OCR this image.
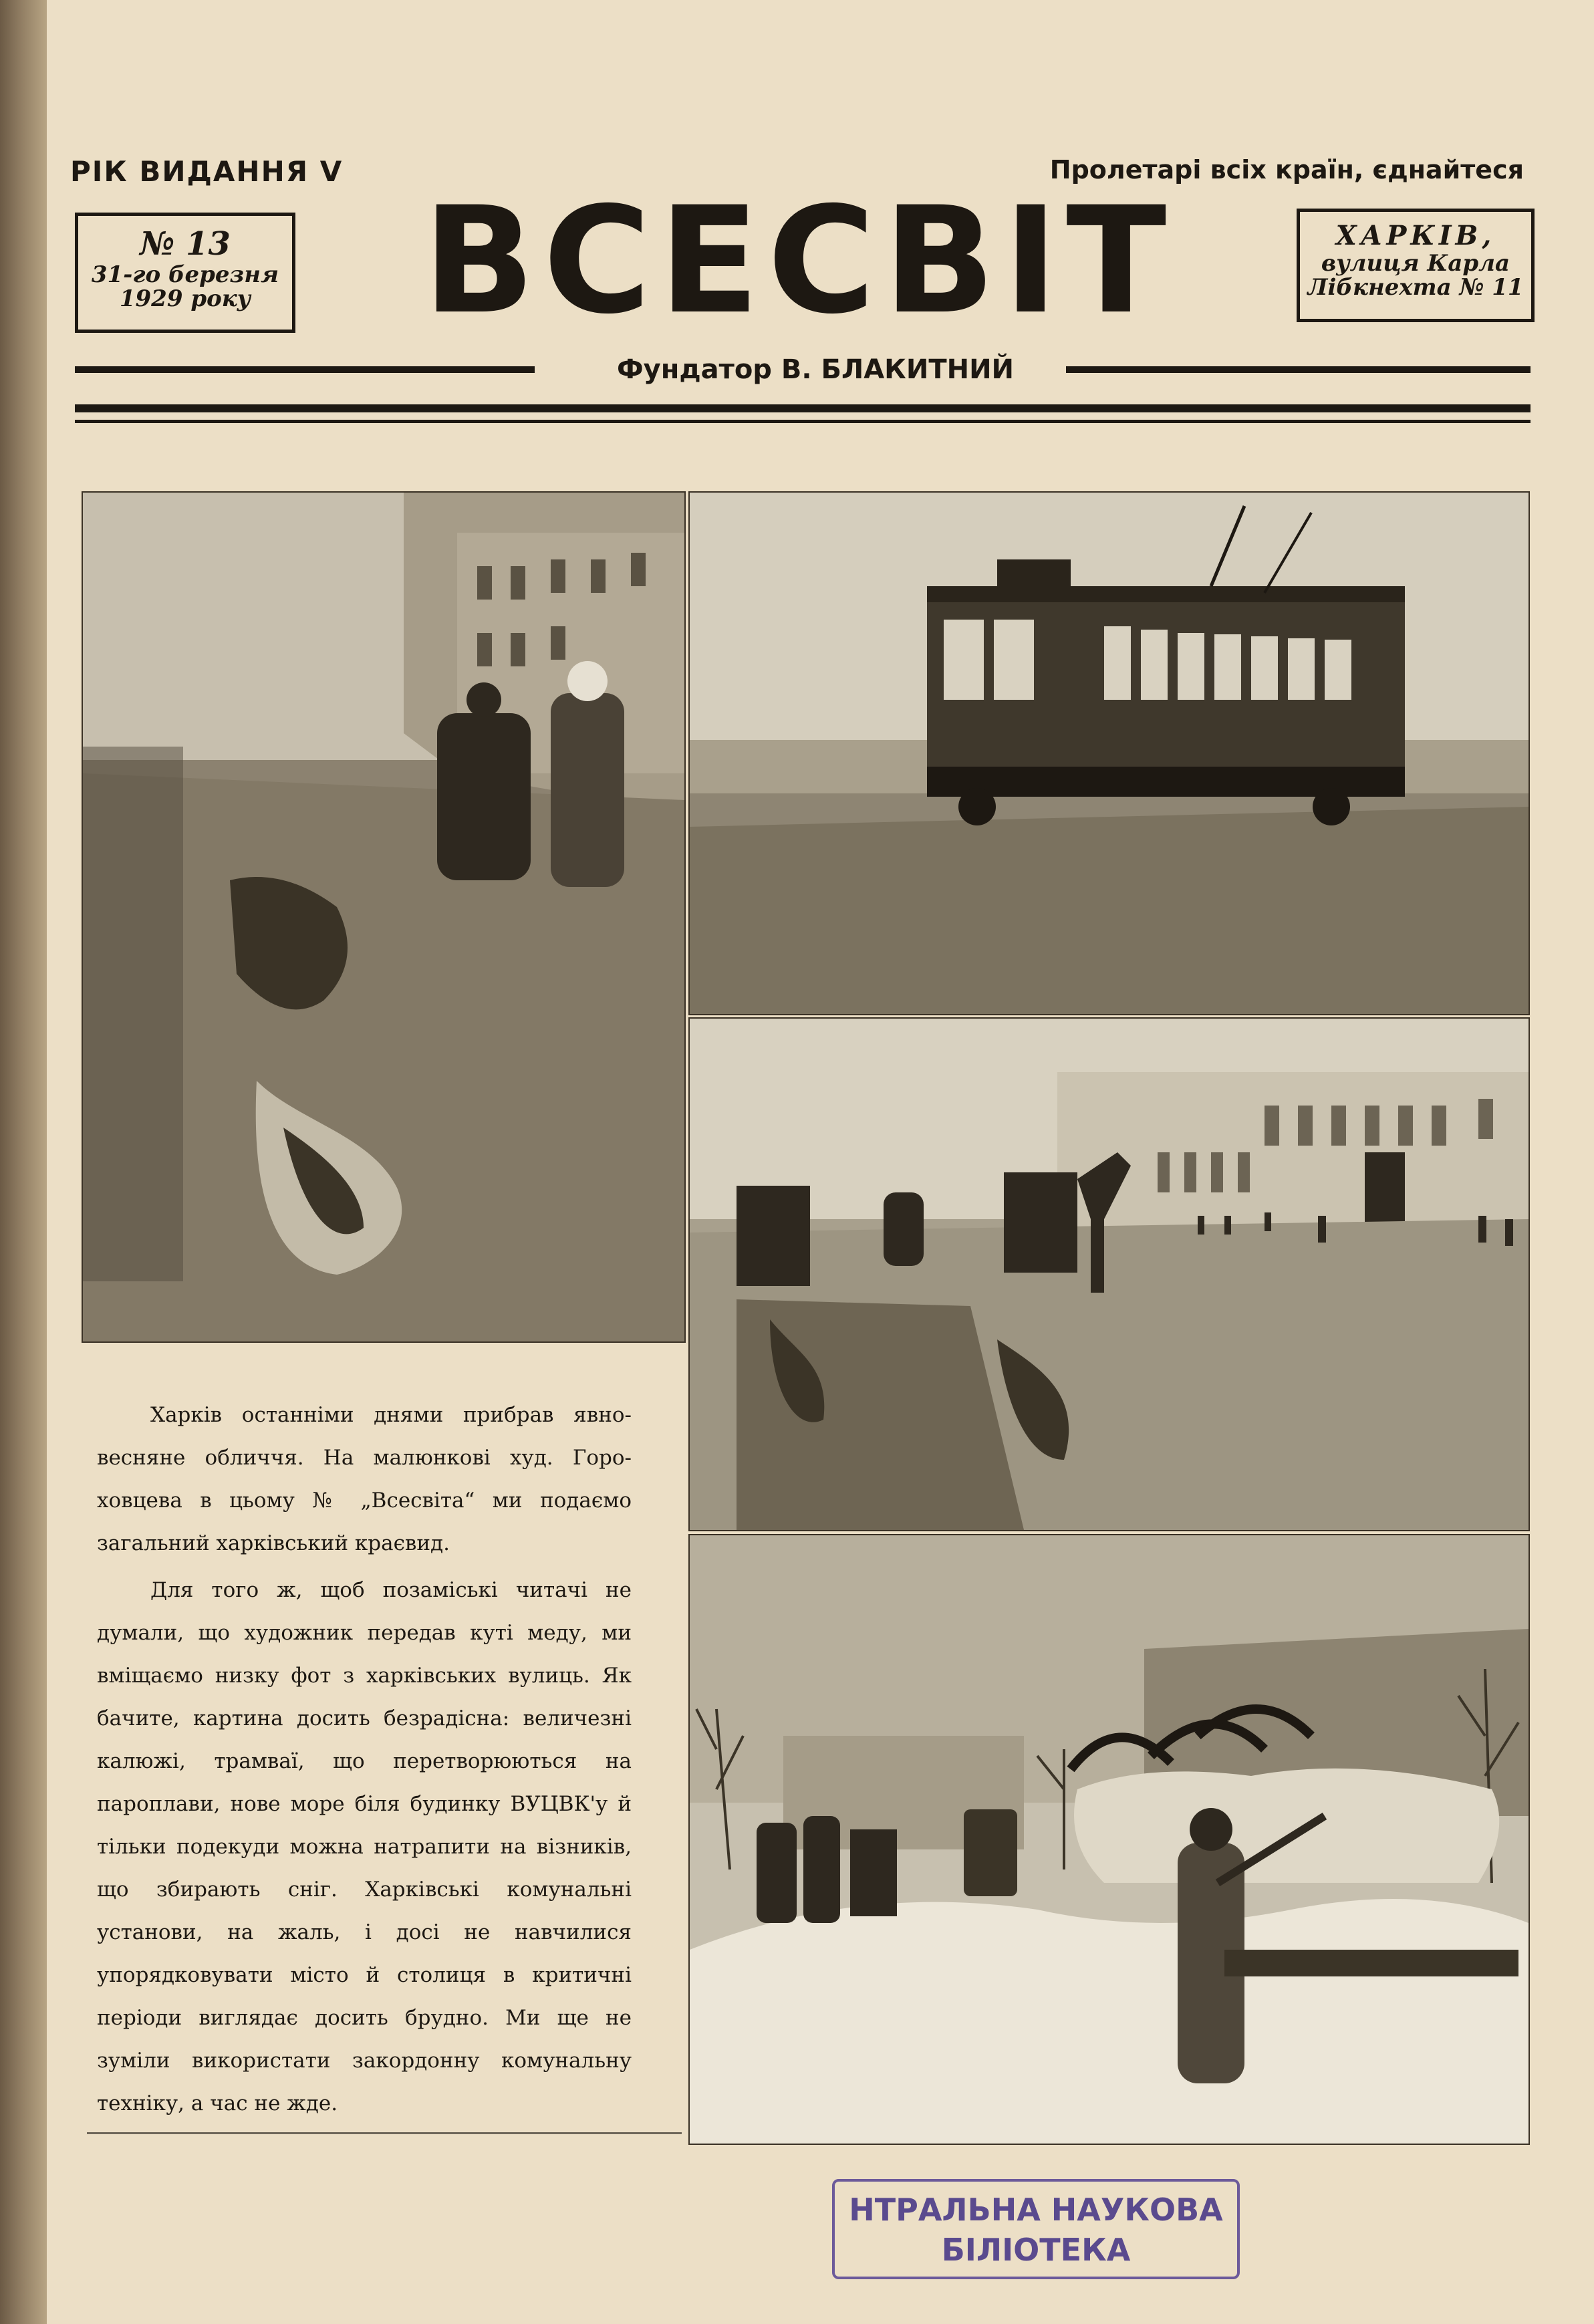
РІК ВИДАННЯ V	Пролетарі всіх країн, єднайтеся
№ 13
31-го березня
1929 року ВСЕСВІТ	ХАРКІВ,
вулиця Карла
Лібкнехта № 11
Фундатор В. БЛАКИТНИЙ

Харків останніми днями прибрав явно-весняне обличчя. На малюнкові худ. Горо-ховцева в цьому № „Всесвіта“ ми подаємо загальний харківський краєвид.

Для того ж, щоб позаміські читачі не думали, що художник передав куті меду, ми вміщаємо низку фот з харківських вулиць. Як бачите, картина досить безрадісна: величезні калюжі, трамваї, що перетворюються на пароплави, нове море біля будинку ВУЦВК'у й тільки подекуди можна натрапити на візників, що збирають сніг. Харківські комунальні установи, на жаль, і досі не навчилися упорядковувати місто й столиця в критичні періоди виглядає досить брудно. Ми ще не зуміли використати закордонну комунальну техніку, а час не жде.

НТРАЛЬНА НАУКОВА
БІЛІОТЕКА
